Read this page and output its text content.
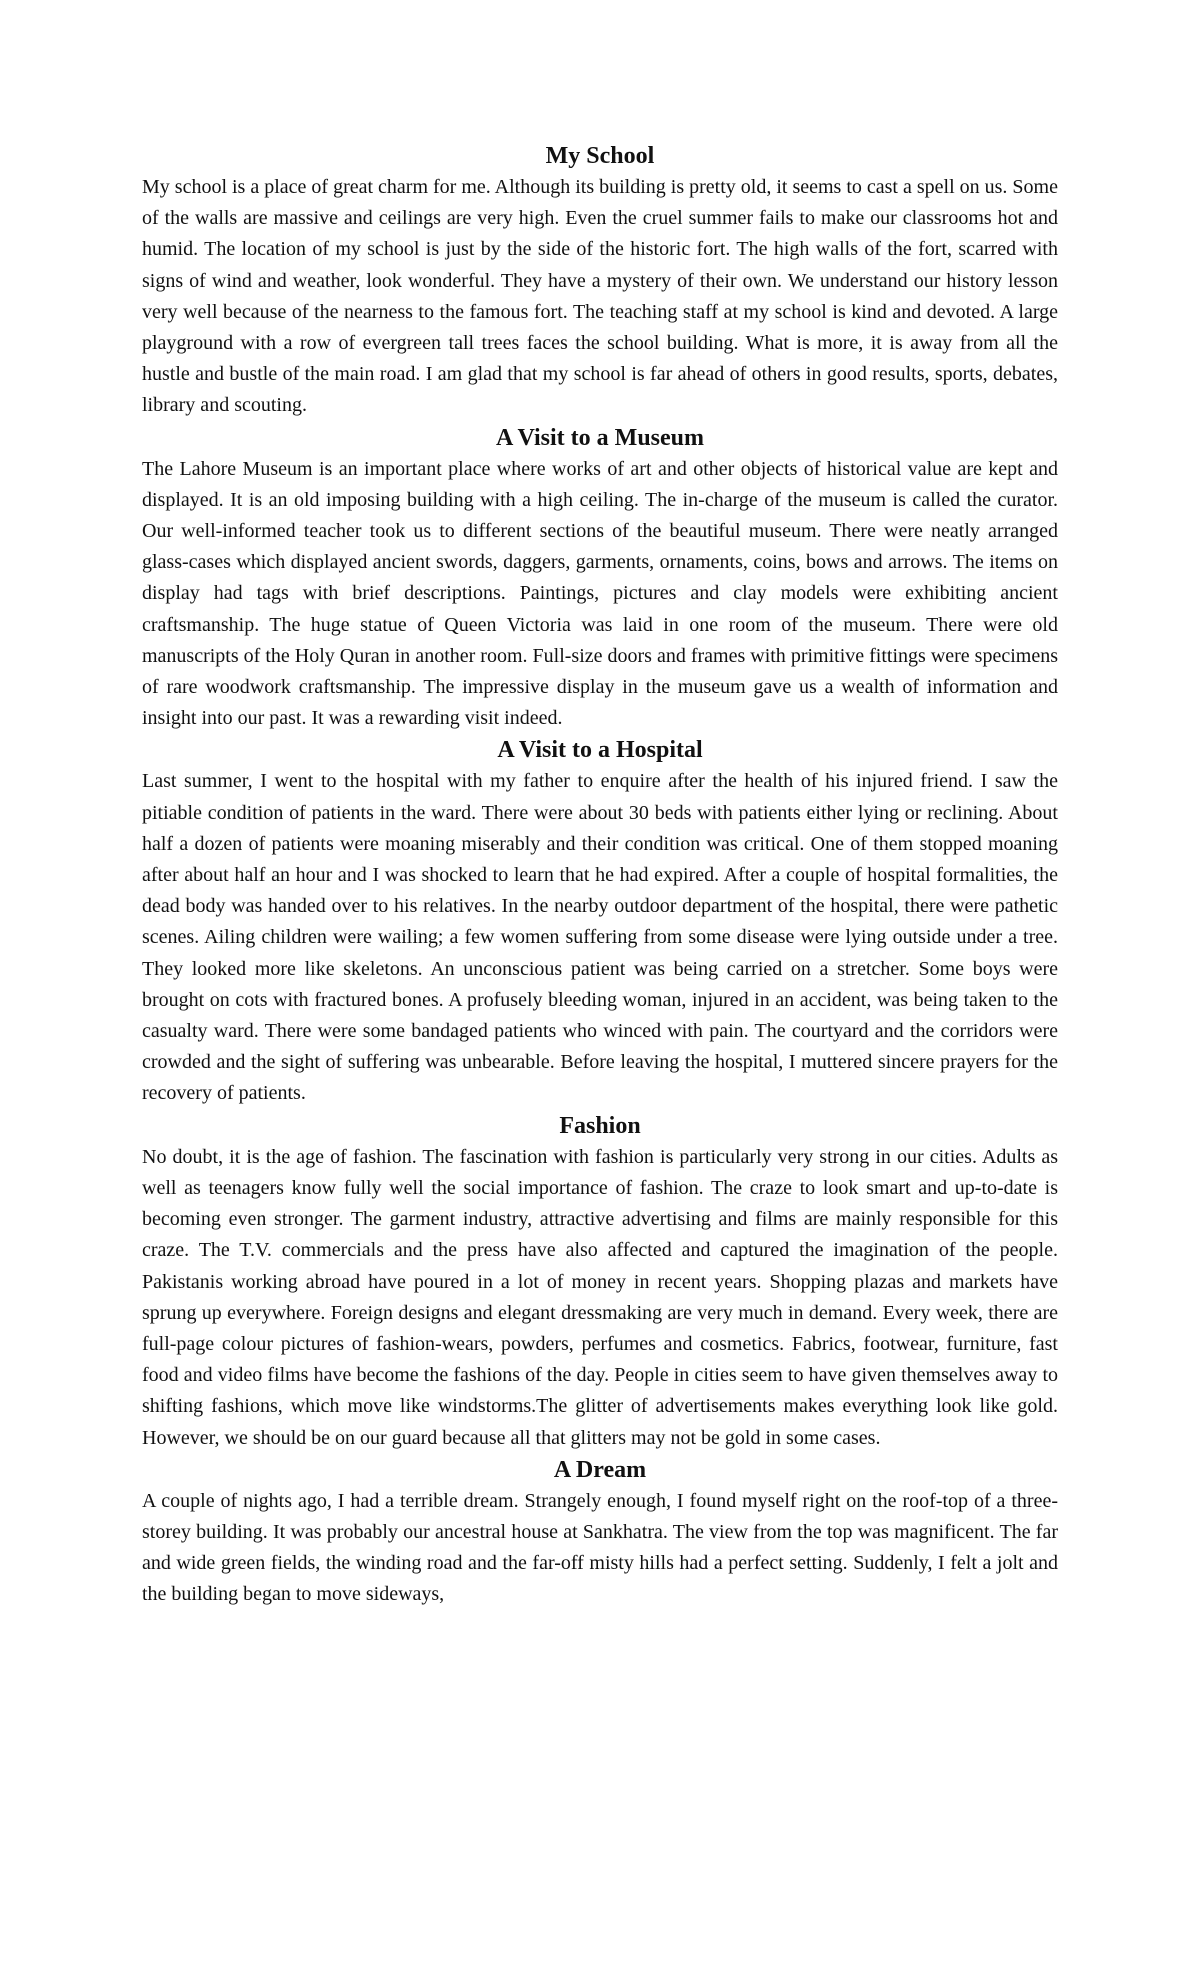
My School

My school is a place of great charm for me. Although its building is pretty old, it seems to cast a spell on us. Some of the walls are massive and ceilings are very high. Even the cruel summer fails to make our classrooms hot and humid. The location of my school is just by the side of the historic fort. The high walls of the fort, scarred with signs of wind and weather, look wonderful. They have a mystery of their own. We understand our history lesson very well because of the nearness to the famous fort. The teaching staff at my school is kind and devoted. A large playground with a row of evergreen tall trees faces the school building. What is more, it is away from all the hustle and bustle of the main road. I am glad that my school is far ahead of others in good results, sports, debates, library and scouting.

A Visit to a Museum

The Lahore Museum is an important place where works of art and other objects of historical value are kept and displayed. It is an old imposing building with a high ceiling. The in-charge of the museum is called the curator. Our well-informed teacher took us to different sections of the beautiful museum. There were neatly arranged glass-cases which displayed ancient swords, daggers, garments, ornaments, coins, bows and arrows. The items on display had tags with brief descriptions. Paintings, pictures and clay models were exhibiting ancient craftsmanship. The huge statue of Queen Victoria was laid in one room of the museum. There were old manuscripts of the Holy Quran in another room. Full-size doors and frames with primitive fittings were specimens of rare woodwork craftsmanship. The impressive display in the museum gave us a wealth of information and insight into our past. It was a rewarding visit indeed.

A Visit to a Hospital

Last summer, I went to the hospital with my father to enquire after the health of his injured friend. I saw the pitiable condition of patients in the ward. There were about 30 beds with patients either lying or reclining. About half a dozen of patients were moaning miserably and their condition was critical. One of them stopped moaning after about half an hour and I was shocked to learn that he had expired. After a couple of hospital formalities, the dead body was handed over to his relatives. In the nearby outdoor department of the hospital, there were pathetic scenes. Ailing children were wailing; a few women suffering from some disease were lying outside under a tree. They looked more like skeletons. An unconscious patient was being carried on a stretcher. Some boys were brought on cots with fractured bones. A profusely bleeding woman, injured in an accident, was being taken to the casualty ward. There were some bandaged patients who winced with pain. The courtyard and the corridors were crowded and the sight of suffering was unbearable. Before leaving the hospital, I muttered sincere prayers for the recovery of patients.

Fashion

No doubt, it is the age of fashion. The fascination with fashion is particularly very strong in our cities. Adults as well as teenagers know fully well the social importance of fashion. The craze to look smart and up-to-date is becoming even stronger. The garment industry, attractive advertising and films are mainly responsible for this craze. The T.V. commercials and the press have also affected and captured the imagination of the people. Pakistanis working abroad have poured in a lot of money in recent years. Shopping plazas and markets have sprung up everywhere. Foreign designs and elegant dressmaking are very much in demand. Every week, there are full-page colour pictures of fashion-wears, powders, perfumes and cosmetics. Fabrics, footwear, furniture, fast food and video films have become the fashions of the day. People in cities seem to have given themselves away to shifting fashions, which move like windstorms.The glitter of advertisements makes everything look like gold. However, we should be on our guard because all that glitters may not be gold in some cases.

A Dream

A couple of nights ago, I had a terrible dream. Strangely enough, I found myself right on the roof-top of a three-storey building. It was probably our ancestral house at Sankhatra. The view from the top was magnificent. The far and wide green fields, the winding road and the far-off misty hills had a perfect setting. Suddenly, I felt a jolt and the building began to move sideways,
